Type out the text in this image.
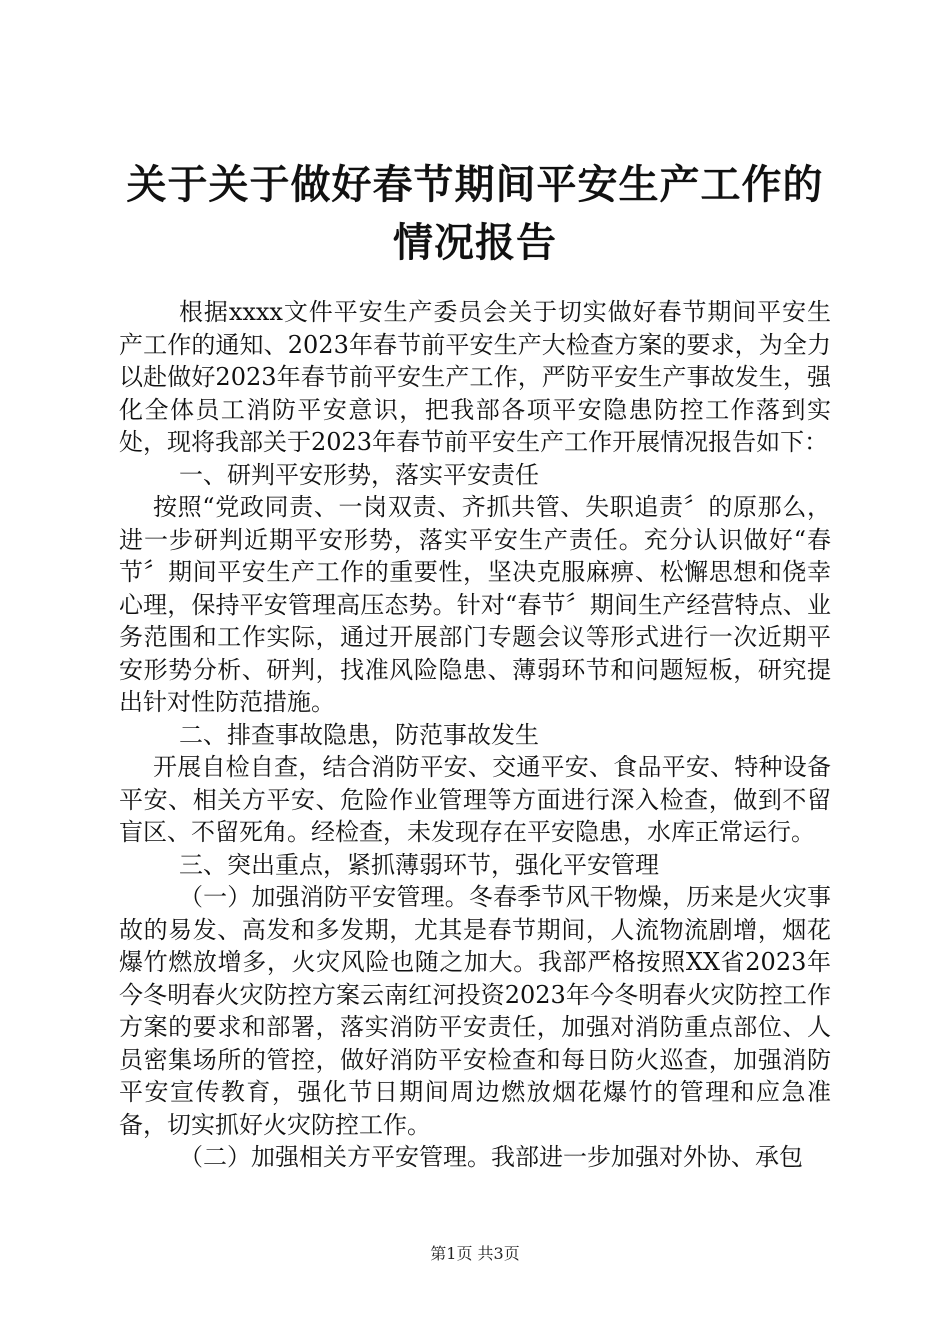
关于关于做好春节期间平安生产工作的情况报告

根据xxxx文件平安生产委员会关于切实做好春节期间平安生产工作的通知、2023年春节前平安生产大检查方案的要求，为全力以赴做好2023年春节前平安生产工作，严防平安生产事故发生，强化全体员工消防平安意识，把我部各项平安隐患防控工作落到实处，现将我部关于2023年春节前平安生产工作开展情况报告如下：

一、研判平安形势，落实平安责任

按照“党政同责、一岗双责、齐抓共管、失职追责〞的原那么，进一步研判近期平安形势，落实平安生产责任。充分认识做好“春节〞期间平安生产工作的重要性，坚决克服麻痹、松懈思想和侥幸心理，保持平安管理高压态势。针对“春节〞期间生产经营特点、业务范围和工作实际，通过开展部门专题会议等形式进行一次近期平安形势分析、研判，找准风险隐患、薄弱环节和问题短板，研究提出针对性防范措施。

二、排查事故隐患，防范事故发生

开展自检自查，结合消防平安、交通平安、食品平安、特种设备平安、相关方平安、危险作业管理等方面进行深入检查，做到不留盲区、不留死角。经检查，未发现存在平安隐患，水库正常运行。

三、突出重点，紧抓薄弱环节，强化平安管理

（一）加强消防平安管理。冬春季节风干物燥，历来是火灾事故的易发、高发和多发期，尤其是春节期间，人流物流剧增，烟花爆竹燃放增多，火灾风险也随之加大。我部严格按照XX省2023年今冬明春火灾防控方案云南红河投资2023年今冬明春火灾防控工作方案的要求和部署，落实消防平安责任，加强对消防重点部位、人员密集场所的管控，做好消防平安检查和每日防火巡查，加强消防平安宣传教育，强化节日期间周边燃放烟花爆竹的管理和应急准备，切实抓好火灾防控工作。

（二）加强相关方平安管理。我部进一步加强对外协、承包

第1页 共3页
